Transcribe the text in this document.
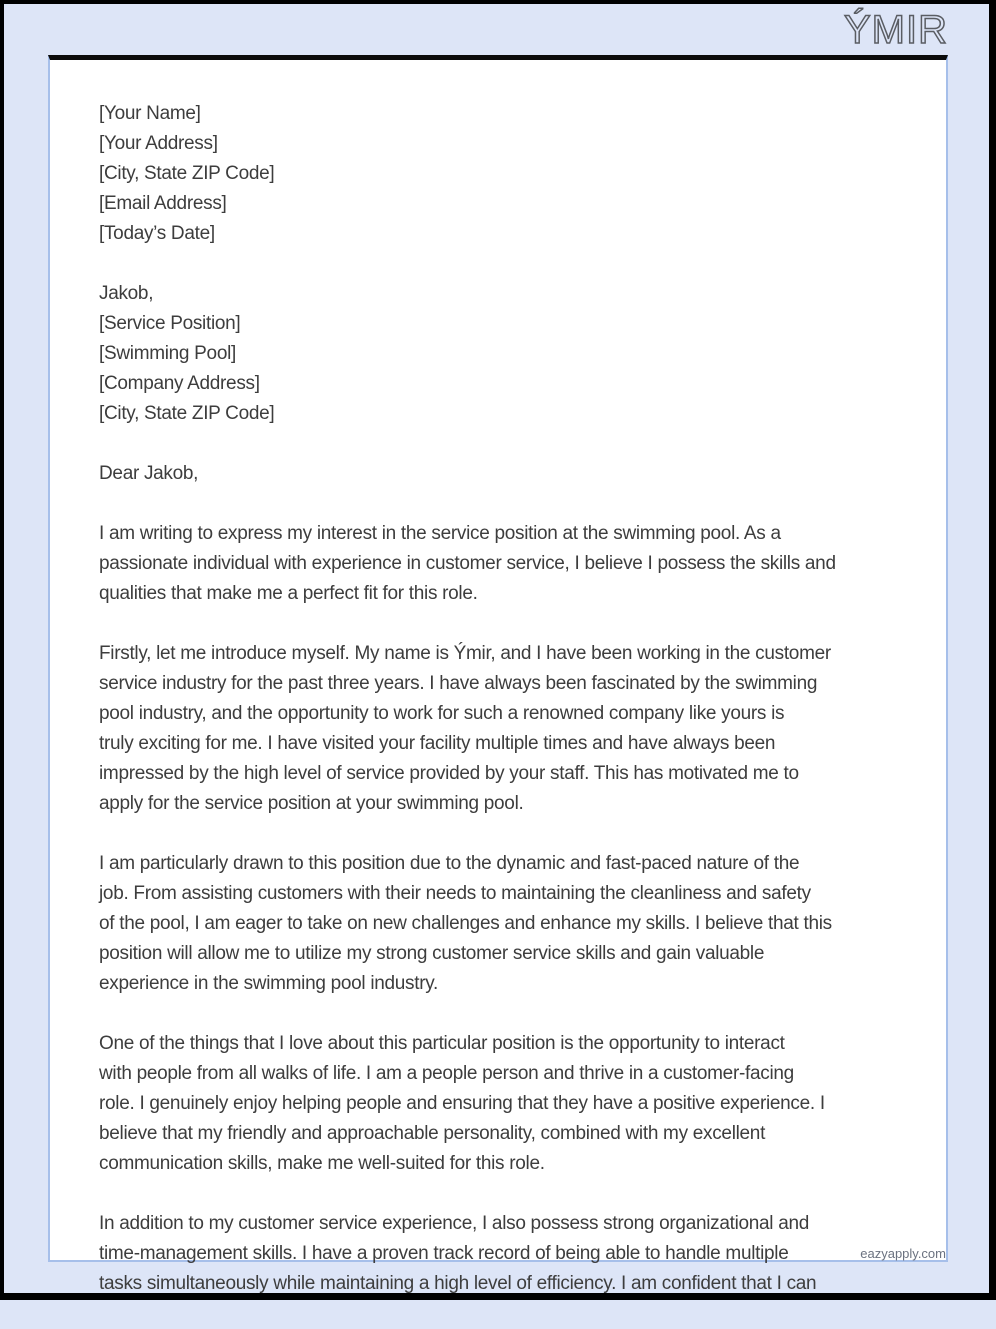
ÝMIR
eazyapply.com
[Your Name]
[Your Address]
[City, State ZIP Code]
[Email Address]
[Today’s Date]
Jakob,
[Service Position]
[Swimming Pool]
[Company Address]
[City, State ZIP Code]
Dear Jakob,
I am writing to express my interest in the service position at the swimming pool. As a
passionate individual with experience in customer service, I believe I possess the skills and
qualities that make me a perfect fit for this role.
Firstly, let me introduce myself. My name is Ýmir, and I have been working in the customer
service industry for the past three years. I have always been fascinated by the swimming
pool industry, and the opportunity to work for such a renowned company like yours is
truly exciting for me. I have visited your facility multiple times and have always been
impressed by the high level of service provided by your staff. This has motivated me to
apply for the service position at your swimming pool.
I am particularly drawn to this position due to the dynamic and fast-paced nature of the
job. From assisting customers with their needs to maintaining the cleanliness and safety
of the pool, I am eager to take on new challenges and enhance my skills. I believe that this
position will allow me to utilize my strong customer service skills and gain valuable
experience in the swimming pool industry.
One of the things that I love about this particular position is the opportunity to interact
with people from all walks of life. I am a people person and thrive in a customer-facing
role. I genuinely enjoy helping people and ensuring that they have a positive experience. I
believe that my friendly and approachable personality, combined with my excellent
communication skills, make me well-suited for this role.
In addition to my customer service experience, I also possess strong organizational and
time-management skills. I have a proven track record of being able to handle multiple
tasks simultaneously while maintaining a high level of efficiency. I am confident that I can
